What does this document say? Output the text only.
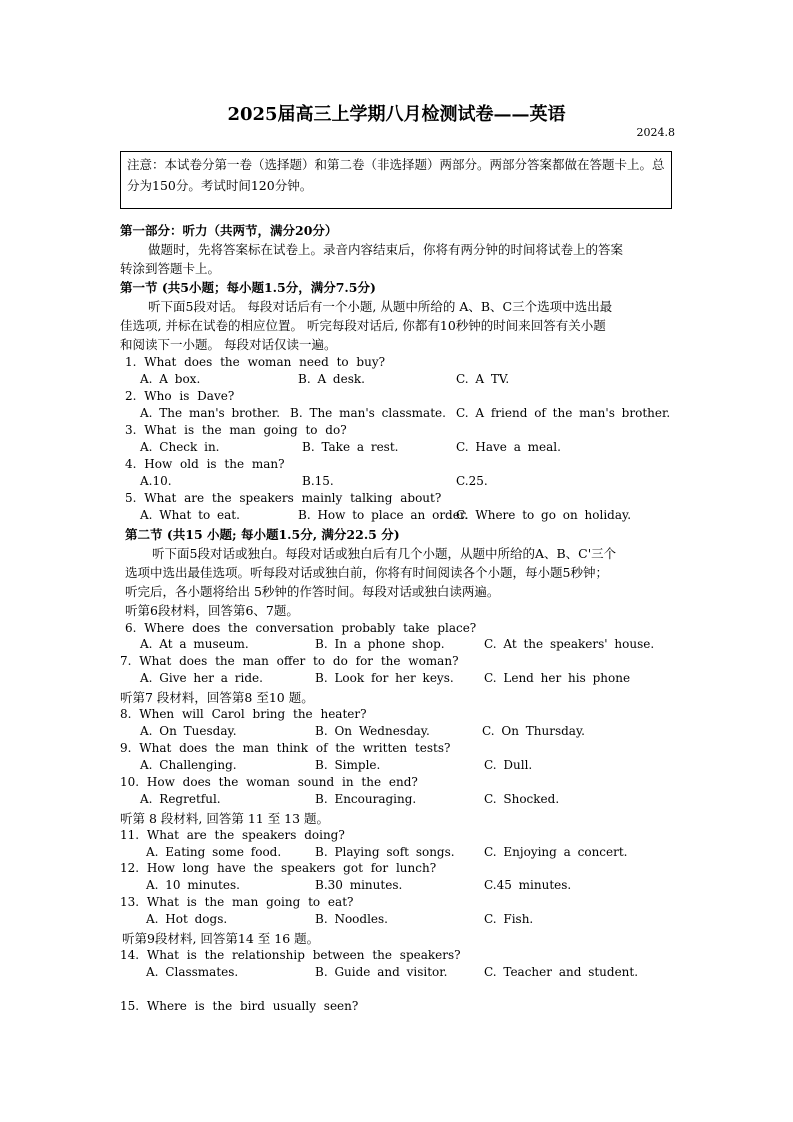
2025届高三上学期八月检测试卷——英语
2024.8
注意：本试卷分第一卷（选择题）和第二卷（非选择题）两部分。两部分答案都做在答题卡上。总分为150分。考试时间120分钟。
第一部分：听力（共两节，满分20分）
做题时，先将答案标在试卷上。录音内容结束后，你将有两分钟的时间将试卷上的答案
转涂到答题卡上。
第一节 (共5小题；每小题1.5分，满分7.5分)
听下面5段对话。 每段对话后有一个小题, 从题中所给的 A、B、C三个选项中选出最
佳选项, 并标在试卷的相应位置。 听完每段对话后, 你都有10秒钟的时间来回答有关小题
和阅读下一小题。 每段对话仅读一遍。
1. What does the woman need to buy?
A. A box.	B. A desk.	C. A TV.
2. Who is Dave?
A. The man's brother. B. The man's classmate. C. A friend of the man's brother.
3. What is the man going to do?
A. Check in.	B. Take a rest.	C. Have a meal.
4. How old is the man?
A.10.	B.15.	C.25.
5. What are the speakers mainly talking about?
A. What to eat.	B. How to place an order.
C. Where to go on holiday.
第二节 (共15 小题; 每小题1.5分, 满分22.5 分)
听下面5段对话或独白。每段对话或独白后有几个小题，从题中所给的A、B、C'三个
选项中选出最佳选项。听每段对话或独白前，你将有时间阅读各个小题，每小题5秒钟；
听完后，各小题将给出 5秒钟的作答时间。每段对话或独白读两遍。
听第6段材料，回答第6、7题。
6. Where does the conversation probably take place?
A. At a museum.	B. In a phone shop.	C. At the speakers' house.
7. What does the man offer to do for the woman?
A. Give her a ride.	B. Look for her keys.	C. Lend her his phone
听第7 段材料，回答第8 至10 题。
8. When will Carol bring the heater?
A. On Tuesday.	B. On Wednesday.	C. On Thursday.
9. What does the man think of the written tests?
A. Challenging.	B. Simple.	C. Dull.
10. How does the woman sound in the end?
A. Regretful.	B. Encouraging.	C. Shocked.
听第 8 段材料, 回答第 11 至 13 题。
11. What are the speakers doing?
A. Eating some food.	B. Playing soft songs. C. Enjoying a concert.
12. How long have the speakers got for lunch?
A. 10 minutes.	B.30 minutes.	C.45 minutes.
13. What is the man going to eat?
A. Hot dogs.	B. Noodles.	C. Fish.
听第9段材料, 回答第14 至 16 题。
14. What is the relationship between the speakers?
A. Classmates.	B. Guide and visitor.	C. Teacher and student.
15. Where is the bird usually seen?
